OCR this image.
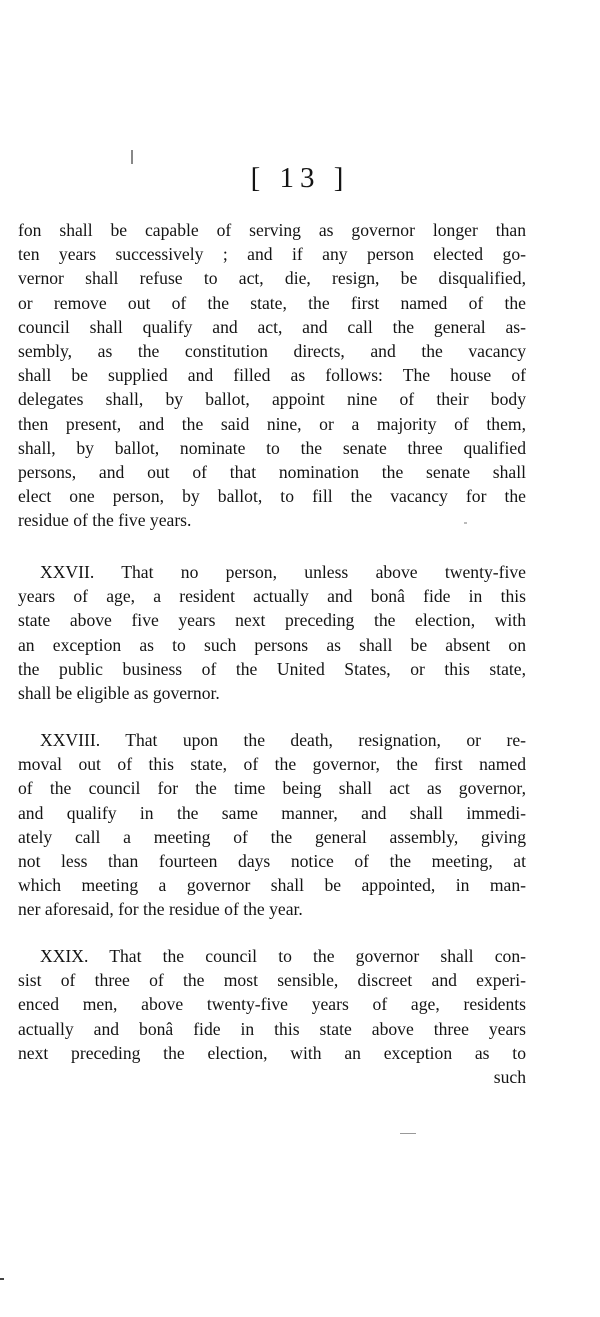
[ 13 ]
fon shall be capable of serving as governor longer than
ten years successively ; and if any person elected go-
vernor shall refuse to act, die, resign, be disqualified,
or remove out of the state, the first named of the
council shall qualify and act, and call the general as-
sembly, as the constitution directs, and the vacancy
shall be supplied and filled as follows: The house of
delegates shall, by ballot, appoint nine of their body
then present, and the said nine, or a majority of them,
shall, by ballot, nominate to the senate three qualified
persons, and out of that nomination the senate shall
elect one person, by ballot, to fill the vacancy for the
residue of the five years.
XXVII. That no person, unless above twenty-five
years of age, a resident actually and bonâ fide in this
state above five years next preceding the election, with
an exception as to such persons as shall be absent on
the public business of the United States, or this state,
shall be eligible as governor.
XXVIII. That upon the death, resignation, or re-
moval out of this state, of the governor, the first named
of the council for the time being shall act as governor,
and qualify in the same manner, and shall immedi-
ately call a meeting of the general assembly, giving
not less than fourteen days notice of the meeting, at
which meeting a governor shall be appointed, in man-
ner aforesaid, for the residue of the year.
XXIX. That the council to the governor shall con-
sist of three of the most sensible, discreet and experi-
enced men, above twenty-five years of age, residents
actually and bonâ fide in this state above three years
next preceding the election, with an exception as to
such
